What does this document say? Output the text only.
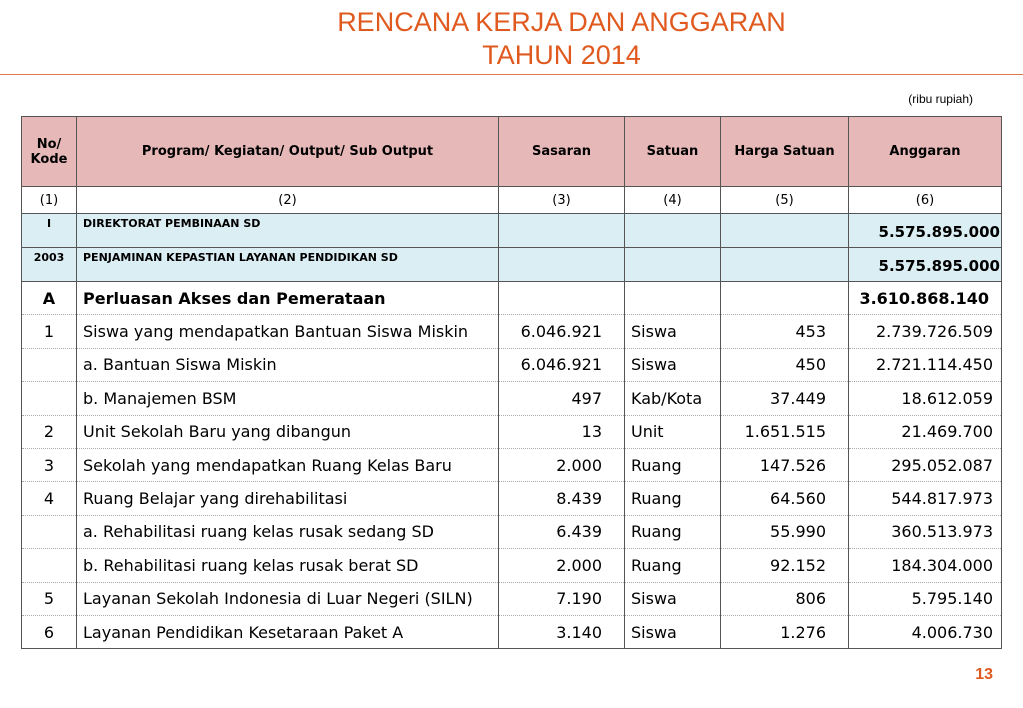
RENCANA KERJA DAN ANGGARAN
TAHUN 2014
(ribu rupiah)
No/ Kode	Program/ Kegiatan/ Output/ Sub Output	Sasaran	Satuan	Harga Satuan	Anggaran
(1)	(2)	(3)	(4)	(5)	(6)
I	DIREKTORAT PEMBINAAN SD				5.575.895.000
2003	PENJAMINAN KEPASTIAN LAYANAN PENDIDIKAN SD				5.575.895.000
A	Perluasan Akses dan Pemerataan				3.610.868.140
1	Siswa yang mendapatkan Bantuan Siswa Miskin	6.046.921	Siswa	453	2.739.726.509
	a. Bantuan Siswa Miskin	6.046.921	Siswa	450	2.721.114.450
	b. Manajemen BSM	497	Kab/Kota	37.449	18.612.059
2	Unit Sekolah Baru yang dibangun	13	Unit	1.651.515	21.469.700
3	Sekolah yang mendapatkan Ruang Kelas Baru	2.000	Ruang	147.526	295.052.087
4	Ruang Belajar yang direhabilitasi	8.439	Ruang	64.560	544.817.973
	a. Rehabilitasi ruang kelas rusak sedang SD	6.439	Ruang	55.990	360.513.973
	b. Rehabilitasi ruang kelas rusak berat SD	2.000	Ruang	92.152	184.304.000
5	Layanan Sekolah Indonesia di Luar Negeri (SILN)	7.190	Siswa	806	5.795.140
6	Layanan Pendidikan Kesetaraan Paket A	3.140	Siswa	1.276	4.006.730
13
